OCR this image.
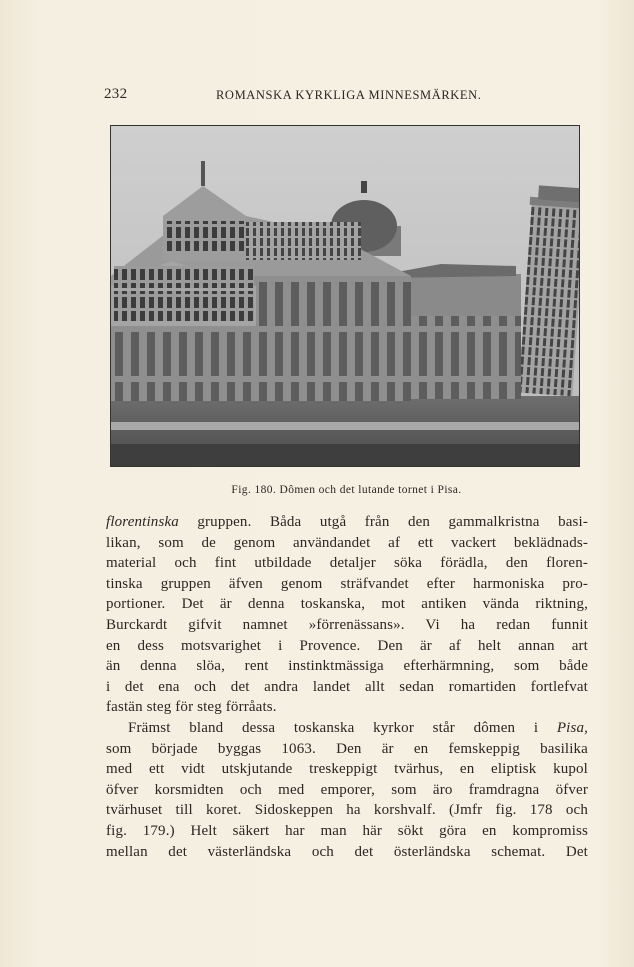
232	ROMANSKA KYRKLIGA MINNESMÄRKEN.
Fig. 180. Dômen och det lutande tornet i Pisa.
florentinska gruppen. Båda utgå från den gammalkristna basi-
likan, som de genom användandet af ett vackert beklädnads-
material och fint utbildade detaljer söka förädla, den floren-
tinska gruppen äfven genom sträfvandet efter harmoniska pro-
portioner. Det är denna toskanska, mot antiken vända riktning,
Burckardt gifvit namnet »förrenässans». Vi ha redan funnit
en dess motsvarighet i Provence. Den är af helt annan art
än denna slöa, rent instinktmässiga efterhärmning, som både
i det ena och det andra landet allt sedan romartiden fortlefvat
fastän steg för steg förråats.
Främst bland dessa toskanska kyrkor står dômen i Pisa,
som började byggas 1063. Den är en femskeppig basilika
med ett vidt utskjutande treskeppigt tvärhus, en eliptisk kupol
öfver korsmidten och med emporer, som äro framdragna öfver
tvärhuset till koret. Sidoskeppen ha korshvalf. (Jmfr fig. 178 och
fig. 179.) Helt säkert har man här sökt göra en kompromiss
mellan det västerländska och det österländska schemat. Det
